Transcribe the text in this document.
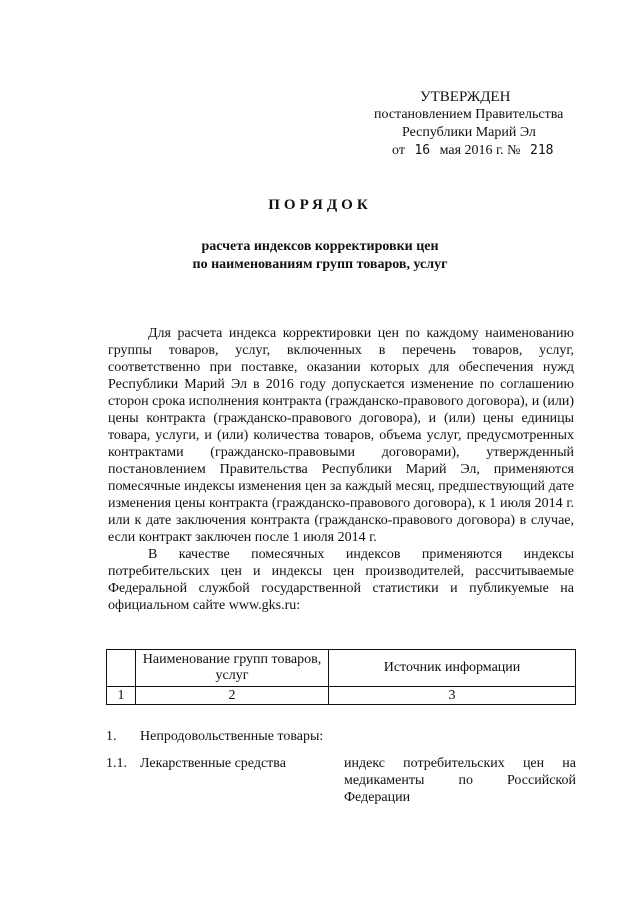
УТВЕРЖДЕН
постановлением Правительства
Республики Марий Эл
от 16 мая 2016 г. № 218
ПОРЯДОК
расчета индексов корректировки цен
по наименованиям групп товаров, услуг

Для расчета индекса корректировки цен по каждому наименованию группы товаров, услуг, включенных в перечень товаров, услуг, соответственно при поставке, оказании которых для обеспечения нужд Республики Марий Эл в 2016 году допускается изменение по соглашению сторон срока исполнения контракта (гражданско-правового договора), и (или) цены контракта (гражданско-правового договора), и (или) цены единицы товара, услуги, и (или) количества товаров, объема услуг, предусмотренных контрактами (гражданско-правовыми договорами), утвержденный постановлением Правительства Республики Марий Эл, применяются помесячные индексы изменения цен за каждый месяц, предшествующий дате изменения цены контракта (гражданско-правового договора), к 1 июля 2014 г. или к дате заключения контракта (гражданско-правового договора) в случае, если контракт заключен после 1 июля 2014 г.

В качестве помесячных индексов применяются индексы потребительских цен и индексы цен производителей, рассчитываемые Федеральной службой государственной статистики и публикуемые на официальном сайте www.gks.ru:

	Наименование групп товаров, услуг	Источник информации
1	2	3
1.	Непродовольственные товары:
1.1. Лекарственные средства	индекс потребительских цен на медикаменты по Российской Федерации
